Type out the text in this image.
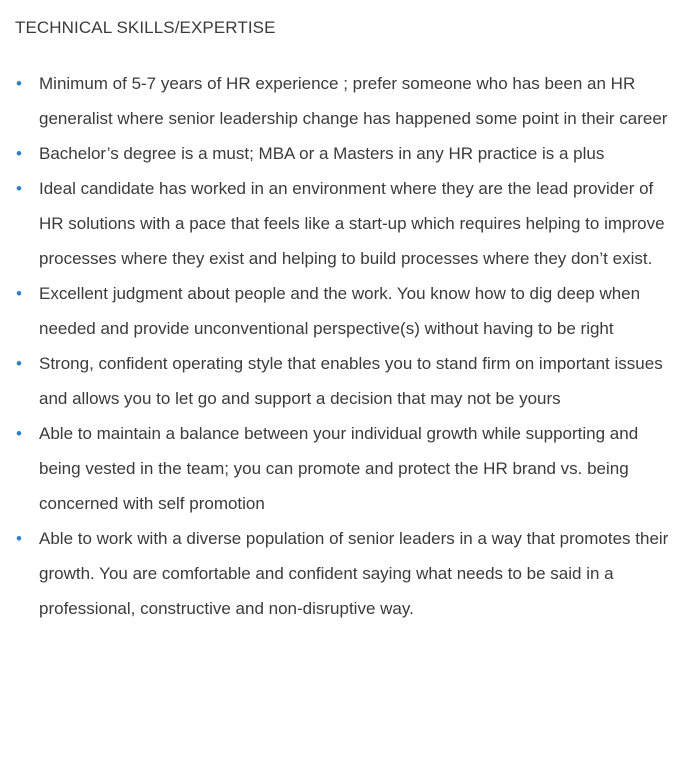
TECHNICAL SKILLS/EXPERTISE
• Minimum of 5-7 years of HR experience ; prefer someone who has been an HR generalist where senior leadership change has happened some point in their career
• Bachelor’s degree is a must; MBA or a Masters in any HR practice is a plus
• Ideal candidate has worked in an environment where they are the lead provider of HR solutions with a pace that feels like a start-up which requires helping to improve processes where they exist and helping to build processes where they don’t exist.
• Excellent judgment about people and the work. You know how to dig deep when needed and provide unconventional perspective(s) without having to be right
• Strong, confident operating style that enables you to stand firm on important issues and allows you to let go and support a decision that may not be yours
• Able to maintain a balance between your individual growth while supporting and being vested in the team; you can promote and protect the HR brand vs. being concerned with self promotion
• Able to work with a diverse population of senior leaders in a way that promotes their growth. You are comfortable and confident saying what needs to be said in a professional, constructive and non-disruptive way.
